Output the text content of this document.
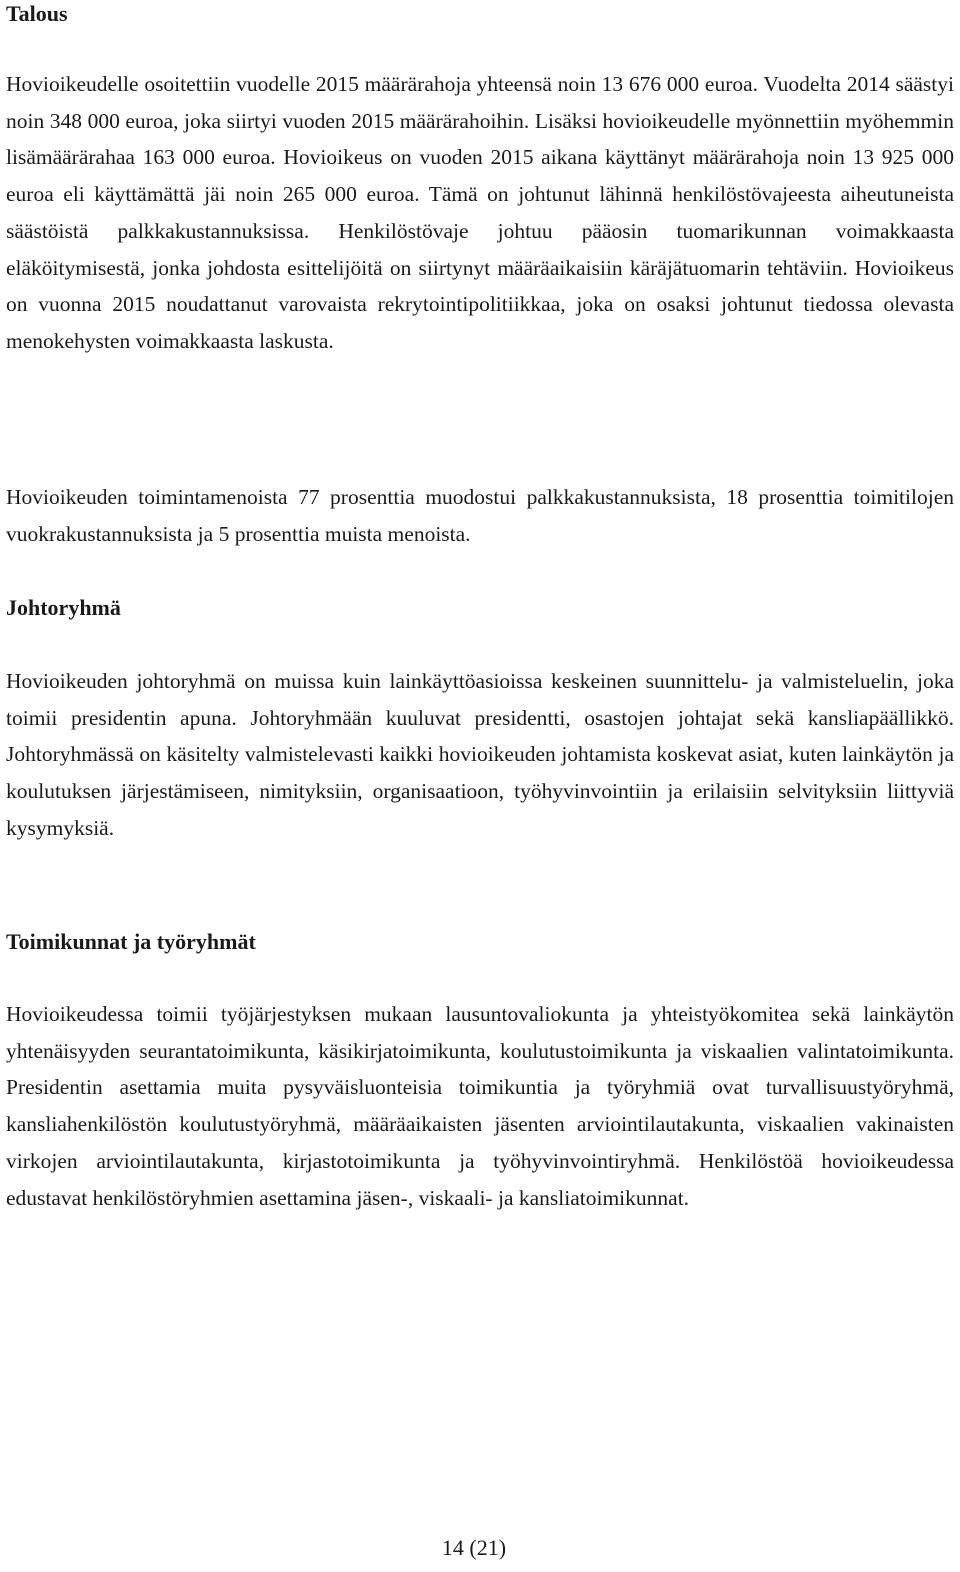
Talous

Hovioikeudelle osoitettiin vuodelle 2015 määrärahoja yhteensä noin 13 676 000 euroa. Vuodelta 2014 säästyi noin 348 000 euroa, joka siirtyi vuoden 2015 määrärahoihin. Lisäksi hovioikeudelle myönnettiin myöhemmin lisämäärärahaa 163 000 euroa. Hovioikeus on vuoden 2015 aikana käyttänyt määrärahoja noin 13 925 000 euroa eli käyttämättä jäi noin 265 000 euroa. Tämä on johtunut lähinnä henkilöstövajeesta aiheutuneista säästöistä palkkakustannuksissa. Henkilöstövaje johtuu pääosin tuomarikunnan voimakkaasta eläköitymisestä, jonka johdosta esittelijöitä on siirtynyt määräaikaisiin käräjätuomarin tehtäviin. Hovioikeus on vuonna 2015 noudattanut varovaista rekrytointipolitiikkaa, joka on osaksi johtunut tiedossa olevasta menokehysten voimakkaasta laskusta.

Hovioikeuden toimintamenoista 77 prosenttia muodostui palkkakustannuksista, 18 prosenttia toimitilojen vuokrakustannuksista ja 5 prosenttia muista menoista.

Johtoryhmä

Hovioikeuden johtoryhmä on muissa kuin lainkäyttöasioissa keskeinen suunnittelu- ja valmisteluelin, joka toimii presidentin apuna. Johtoryhmään kuuluvat presidentti, osastojen johtajat sekä kansliapäällikkö. Johtoryhmässä on käsitelty valmistelevasti kaikki hovioikeuden johtamista koskevat asiat, kuten lainkäytön ja koulutuksen järjestämiseen, nimityksiin, organisaatioon, työhyvinvointiin ja erilaisiin selvityksiin liittyviä kysymyksiä.

Toimikunnat ja työryhmät

Hovioikeudessa toimii työjärjestyksen mukaan lausuntovaliokunta ja yhteistyökomitea sekä lainkäytön yhtenäisyyden seurantatoimikunta, käsikirjatoimikunta, koulutustoimikunta ja viskaalien valintatoimikunta. Presidentin asettamia muita pysyväisluonteisia toimikuntia ja työryhmiä ovat turvallisuustyöryhmä, kansliahenkilöstön koulutustyöryhmä, määräaikaisten jäsenten arviointilautakunta, viskaalien vakinaisten virkojen arviointilautakunta, kirjastotoimikunta ja työhyvinvointiryhmä. Henkilöstöä hovioikeudessa edustavat henkilöstöryhmien asettamina jäsen-, viskaali- ja kansliatoimikunnat.

14 (21)
